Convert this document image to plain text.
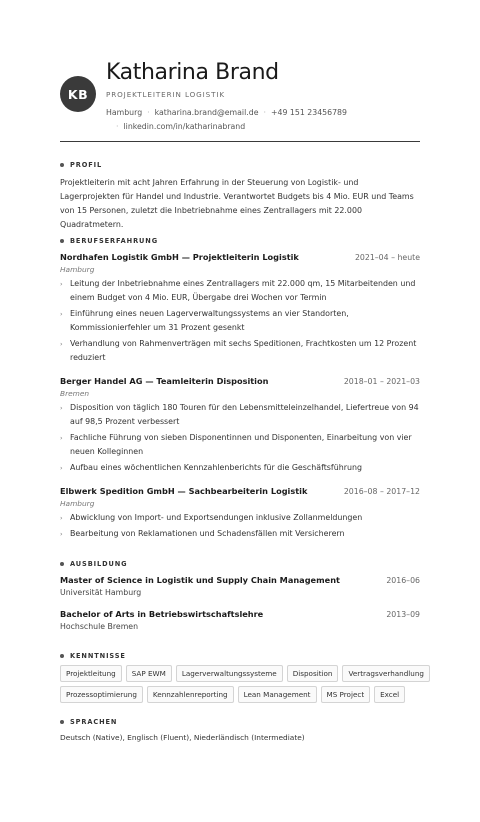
KB
Katharina Brand
PROJEKTLEITERIN LOGISTIK
Hamburg · katharina.brand@email.de · +49 151 23456789
· linkedin.com/in/katharinabrand
PROFIL
Projektleiterin mit acht Jahren Erfahrung in der Steuerung von Logistik- und Lagerprojekten für Handel und Industrie. Verantwortet Budgets bis 4 Mio. EUR und Teams von 15 Personen, zuletzt die Inbetriebnahme eines Zentrallagers mit 22.000 Quadratmetern.
BERUFSERFAHRUNG
Nordhafen Logistik GmbH — Projektleiterin Logistik	2021–04 – heute
Hamburg
› Leitung der Inbetriebnahme eines Zentrallagers mit 22.000 qm, 15 Mitarbeitenden und einem Budget von 4 Mio. EUR, Übergabe drei Wochen vor Termin
› Einführung eines neuen Lagerverwaltungssystems an vier Standorten, Kommissionierfehler um 31 Prozent gesenkt
› Verhandlung von Rahmenverträgen mit sechs Speditionen, Frachtkosten um 12 Prozent reduziert
Berger Handel AG — Teamleiterin Disposition	2018–01 – 2021–03
Bremen
› Disposition von täglich 180 Touren für den Lebensmitteleinzelhandel, Liefertreue von 94 auf 98,5 Prozent verbessert
› Fachliche Führung von sieben Disponentinnen und Disponenten, Einarbeitung von vier neuen Kolleginnen
› Aufbau eines wöchentlichen Kennzahlenberichts für die Geschäftsführung
Elbwerk Spedition GmbH — Sachbearbeiterin Logistik	2016–08 – 2017–12
Hamburg
› Abwicklung von Import- und Exportsendungen inklusive Zollanmeldungen
› Bearbeitung von Reklamationen und Schadensfällen mit Versicherern
AUSBILDUNG
Master of Science in Logistik und Supply Chain Management	2016–06
Universität Hamburg
Bachelor of Arts in Betriebswirtschaftslehre	2013–09
Hochschule Bremen
KENNTNISSE
Projektleitung	SAP EWM	Lagerverwaltungssysteme	Disposition	Vertragsverhandlung
Prozessoptimierung	Kennzahlenreporting	Lean Management	MS Project	Excel
SPRACHEN
Deutsch (Native), Englisch (Fluent), Niederländisch (Intermediate)
